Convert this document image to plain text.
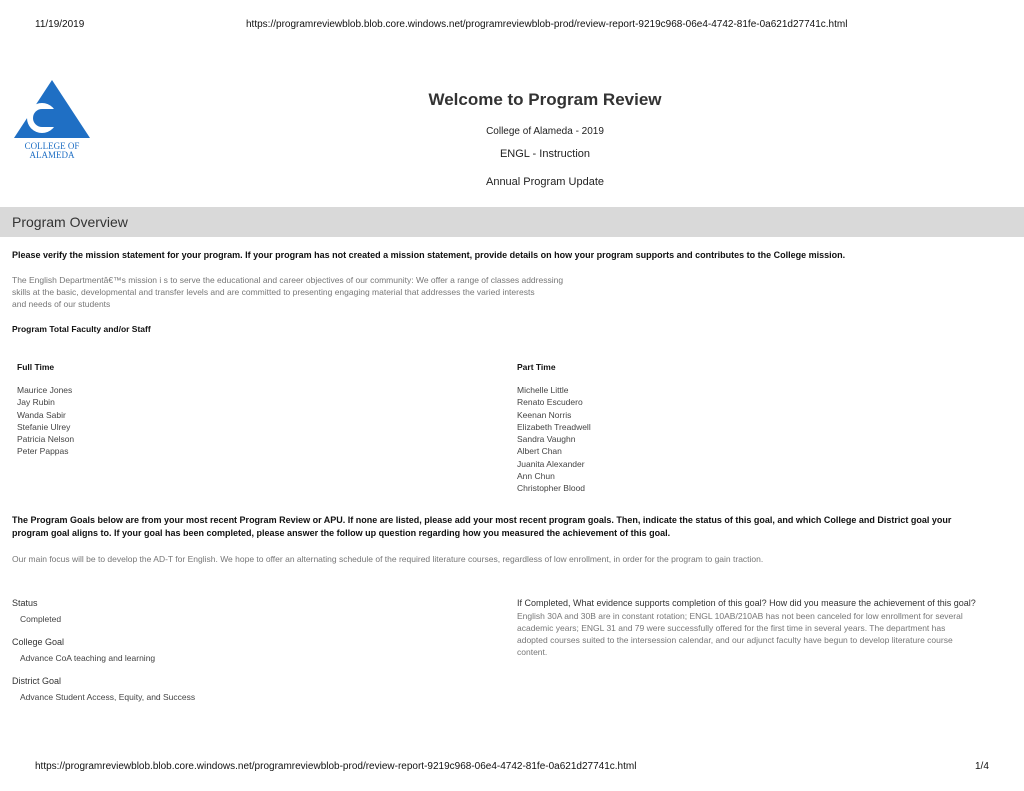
11/19/2019	https://programreviewblob.blob.core.windows.net/programreviewblob-prod/review-report-9219c968-06e4-4742-81fe-0a621d27741c.html
COLLEGE OF
ALAMEDA
Welcome to Program Review
College of Alameda - 2019
ENGL - Instruction
Annual Program Update
Program Overview
Please verify the mission statement for your program. If your program has not created a mission statement, provide details on how your program supports and contributes to the College mission.
The English Departmentâ€™s mission i s to serve the educational and career objectives of our community: We offer a range of classes addressing
skills at the basic, developmental and transfer levels and are committed to presenting engaging material that addresses the varied interests
and needs of our students
Program Total Faculty and/or Staff
Full Time
Maurice Jones
Jay Rubin
Wanda Sabir
Stefanie Ulrey
Patricia Nelson
Peter Pappas
Part Time
Michelle Little
Renato Escudero
Keenan Norris
Elizabeth Treadwell
Sandra Vaughn
Albert Chan
Juanita Alexander
Ann Chun
Christopher Blood
The Program Goals below are from your most recent Program Review or APU. If none are listed, please add your most recent program goals. Then, indicate the status of this goal, and which College and District goal your
program goal aligns to. If your goal has been completed, please answer the follow up question regarding how you measured the achievement of this goal.
Our main focus will be to develop the AD-T for English. We hope to offer an alternating schedule of the required literature courses, regardless of low enrollment, in order for the program to gain traction.
Status
Completed
College Goal
Advance CoA teaching and learning
District Goal
Advance Student Access, Equity, and Success
If Completed, What evidence supports completion of this goal? How did you measure the achievement of this goal?
English 30A and 30B are in constant rotation; ENGL 10AB/210AB has not been canceled for low enrollment for several
academic years; ENGL 31 and 79 were successfully offered for the first time in several years. The department has
adopted courses suited to the intersession calendar, and our adjunct faculty have begun to develop literature course
content.
https://programreviewblob.blob.core.windows.net/programreviewblob-prod/review-report-9219c968-06e4-4742-81fe-0a621d27741c.html	1/4
